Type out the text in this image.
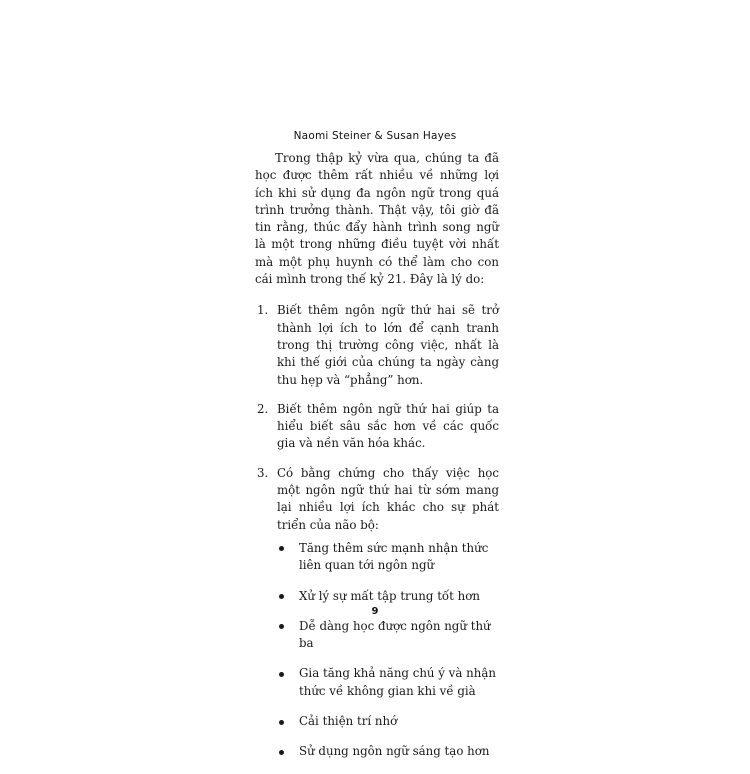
Naomi Steiner & Susan Hayes

Trong thập kỷ vừa qua, chúng ta đã học được thêm rất nhiều về những lợi ích khi sử dụng đa ngôn ngữ trong quá trình trưởng thành. Thật vậy, tôi giờ đã tin rằng, thúc đẩy hành trình song ngữ là một trong những điều tuyệt vời nhất mà một phụ huynh có thể làm cho con cái mình trong thế kỷ 21. Đây là lý do:

1. Biết thêm ngôn ngữ thứ hai sẽ trở thành lợi ích to lớn để cạnh tranh trong thị trường công việc, nhất là khi thế giới của chúng ta ngày càng thu hẹp và “phẳng” hơn.
2. Biết thêm ngôn ngữ thứ hai giúp ta hiểu biết sâu sắc hơn về các quốc gia và nền văn hóa khác.
3. Có bằng chứng cho thấy việc học một ngôn ngữ thứ hai từ sớm mang lại nhiều lợi ích khác cho sự phát triển của não bộ:
Tăng thêm sức mạnh nhận thức liên quan tới ngôn ngữ
Xử lý sự mất tập trung tốt hơn
Dễ dàng học được ngôn ngữ thứ ba
Gia tăng khả năng chú ý và nhận thức về không gian khi về già
Cải thiện trí nhớ
Sử dụng ngôn ngữ sáng tạo hơn
9
